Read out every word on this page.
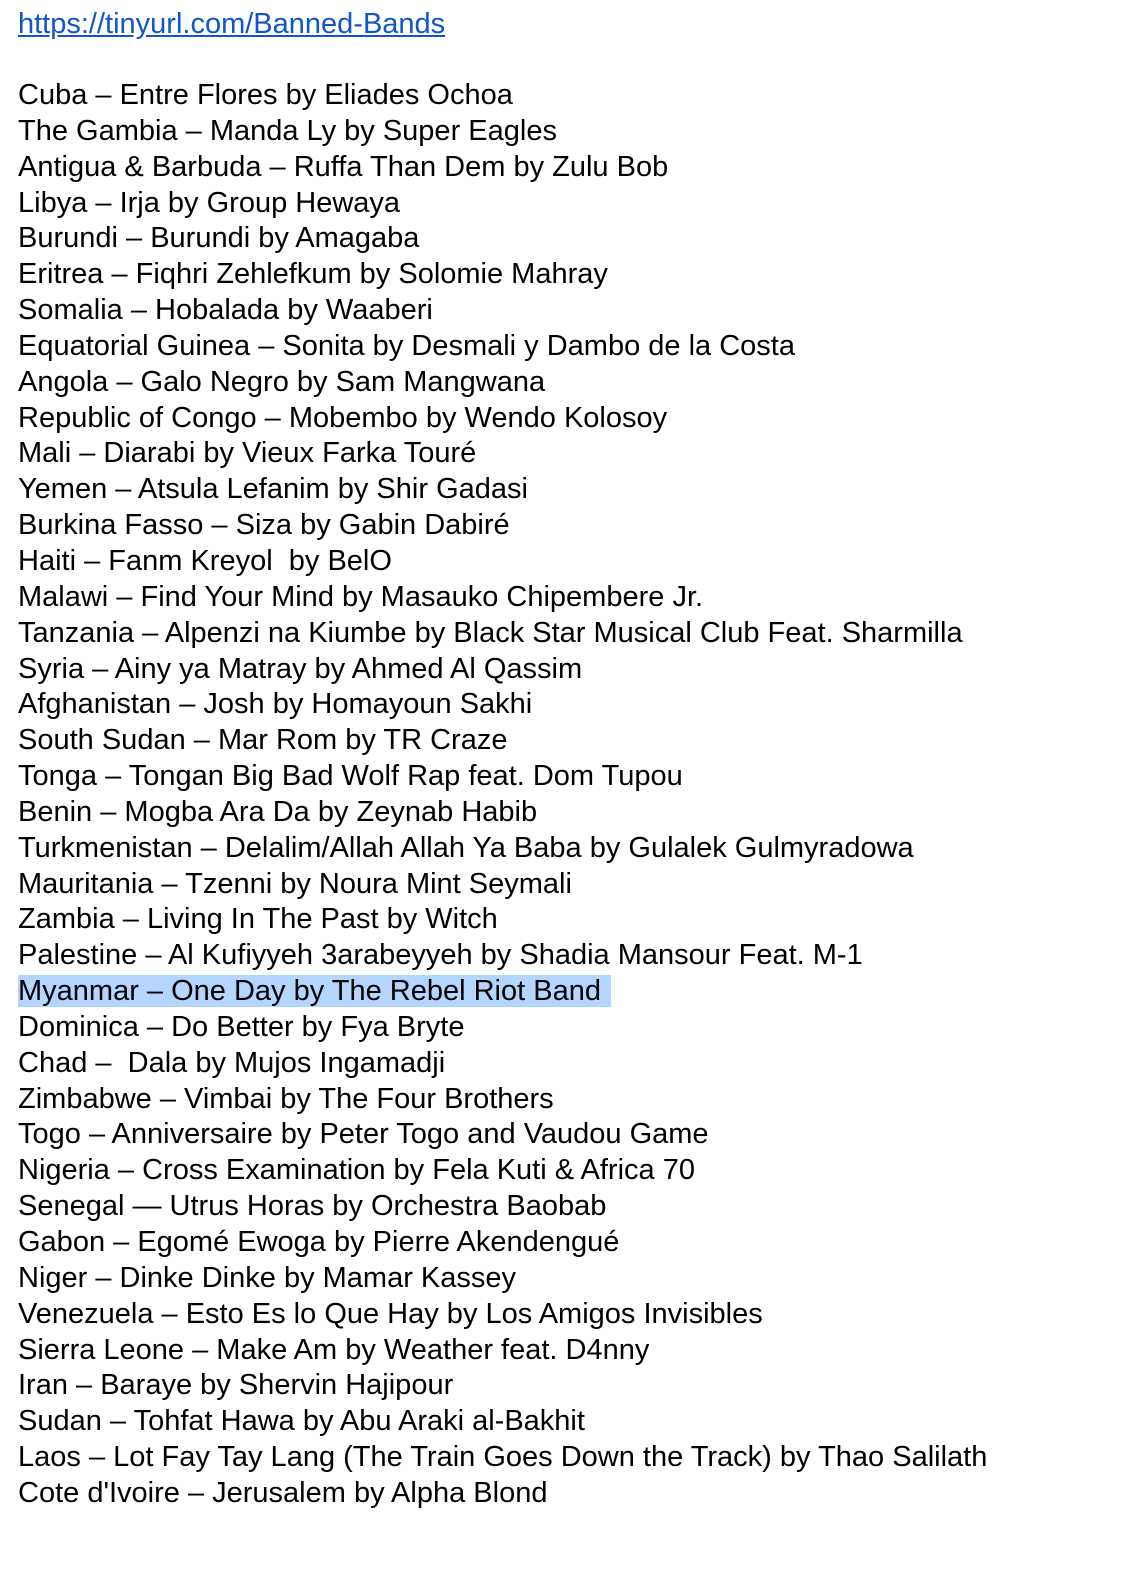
https://tinyurl.com/Banned-Bands
Cuba – Entre Flores by Eliades Ochoa
The Gambia – Manda Ly by Super Eagles
Antigua & Barbuda – Ruffa Than Dem by Zulu Bob
Libya – Irja by Group Hewaya
Burundi – Burundi by Amagaba
Eritrea – Fiqhri Zehlefkum by Solomie Mahray
Somalia – Hobalada by Waaberi
Equatorial Guinea – Sonita by Desmali y Dambo de la Costa
Angola – Galo Negro by Sam Mangwana
Republic of Congo – Mobembo by Wendo Kolosoy
Mali – Diarabi by Vieux Farka Touré
Yemen – Atsula Lefanim by Shir Gadasi
Burkina Fasso – Siza by Gabin Dabiré
Haiti – Fanm Kreyol  by BelO
Malawi – Find Your Mind by Masauko Chipembere Jr.
Tanzania – Alpenzi na Kiumbe by Black Star Musical Club Feat. Sharmilla
Syria – Ainy ya Matray by Ahmed Al Qassim
Afghanistan – Josh by Homayoun Sakhi
South Sudan – Mar Rom by TR Craze
Tonga – Tongan Big Bad Wolf Rap feat. Dom Tupou
Benin – Mogba Ara Da by Zeynab Habib
Turkmenistan – Delalim/Allah Allah Ya Baba by Gulalek Gulmyradowa
Mauritania – Tzenni by Noura Mint Seymali
Zambia – Living In The Past by Witch
Palestine – Al Kufiyyeh 3arabeyyeh by Shadia Mansour Feat. M-1
Myanmar – One Day by The Rebel Riot Band
Dominica – Do Better by Fya Bryte
Chad –  Dala by Mujos Ingamadji
Zimbabwe – Vimbai by The Four Brothers
Togo – Anniversaire by Peter Togo and Vaudou Game
Nigeria – Cross Examination by Fela Kuti & Africa 70
Senegal — Utrus Horas by Orchestra Baobab
Gabon – Egomé Ewoga by Pierre Akendengué
Niger – Dinke Dinke by Mamar Kassey
Venezuela – Esto Es lo Que Hay by Los Amigos Invisibles
Sierra Leone – Make Am by Weather feat. D4nny
Iran – Baraye by Shervin Hajipour
Sudan – Tohfat Hawa by Abu Araki al-Bakhit
Laos – Lot Fay Tay Lang (The Train Goes Down the Track) by Thao Salilath
Cote d'Ivoire – Jerusalem by Alpha Blond
